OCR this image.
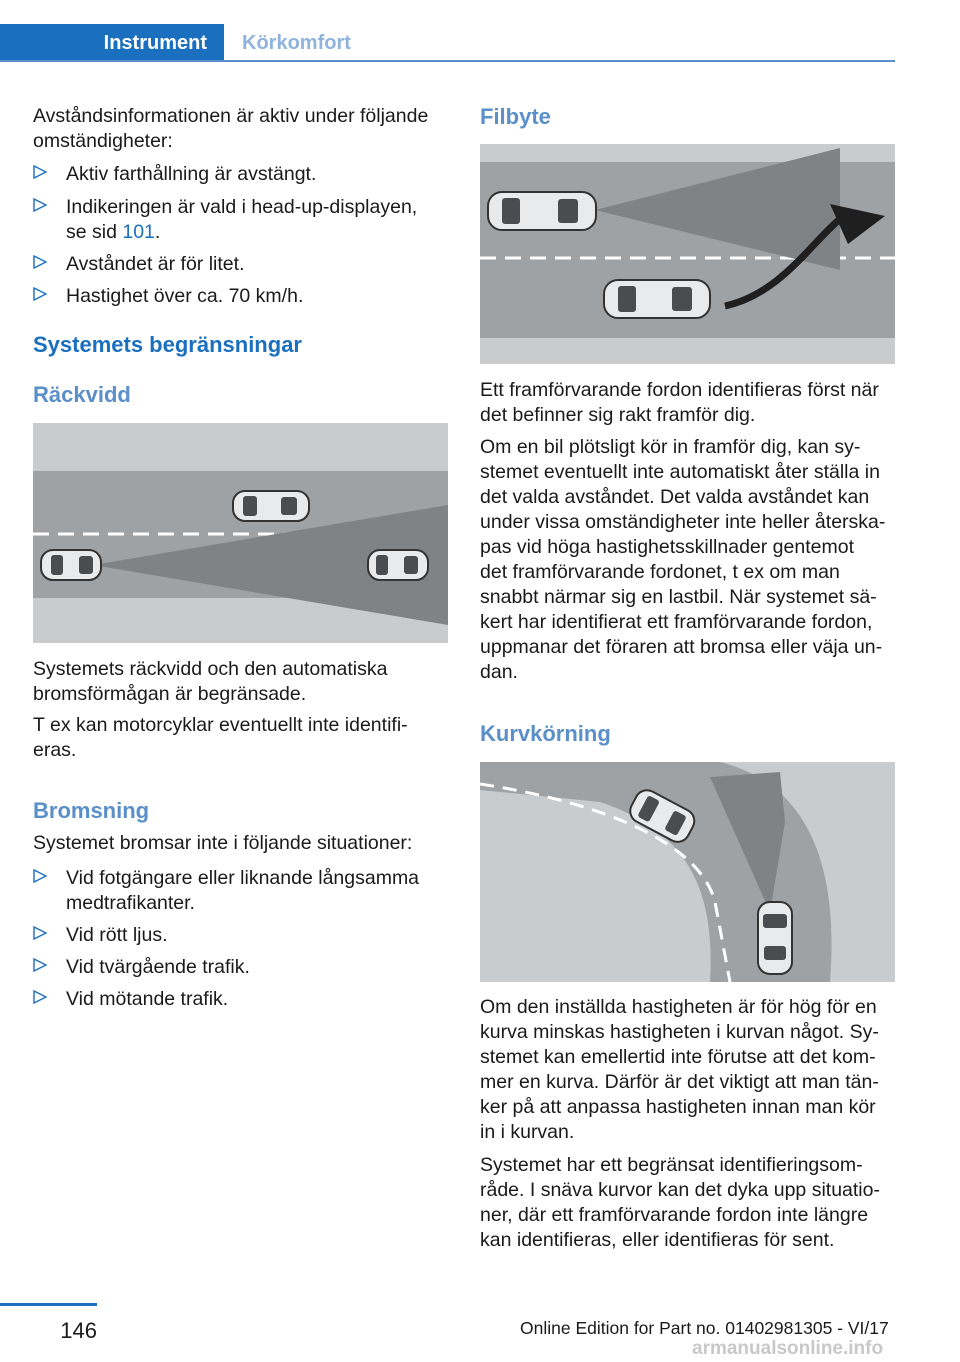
Instrument	Körkomfort

Avståndsinformationen är aktiv under följande
omständigheter:

Aktiv farthållning är avstängt.
Indikeringen är vald i head-up-displayen,
se sid 101.
Avståndet är för litet.
Hastighet över ca. 70 km/h.
Systemets begränsningar
Räckvidd

Systemets räckvidd och den automatiska
bromsförmågan är begränsade.

T ex kan motorcyklar eventuellt inte identifi‐
eras.

Bromsning

Systemet bromsar inte i följande situationer:

Vid fotgängare eller liknande långsamma
medtrafikanter.
Vid rött ljus.
Vid tvärgående trafik.
Vid mötande trafik.
Filbyte

Ett framförvarande fordon identifieras först när
det befinner sig rakt framför dig.

Om en bil plötsligt kör in framför dig, kan sy‐
stemet eventuellt inte automatiskt åter ställa in
det valda avståndet. Det valda avståndet kan
under vissa omständigheter inte heller återska‐
pas vid höga hastighetsskillnader gentemot
det framförvarande fordonet, t ex om man
snabbt närmar sig en lastbil. När systemet sä‐
kert har identifierat ett framförvarande fordon,
uppmanar det föraren att bromsa eller väja un‐
dan.

Kurvkörning

Om den inställda hastigheten är för hög för en
kurva minskas hastigheten i kurvan något. Sy‐
stemet kan emellertid inte förutse att det kom‐
mer en kurva. Därför är det viktigt att man tän‐
ker på att anpassa hastigheten innan man kör
in i kurvan.

Systemet har ett begränsat identifieringsom‐
råde. I snäva kurvor kan det dyka upp situatio‐
ner, där ett framförvarande fordon inte längre
kan identifieras, eller identifieras för sent.

146	Online Edition for Part no. 01402981305 - VI/17
armanualsonline.info
